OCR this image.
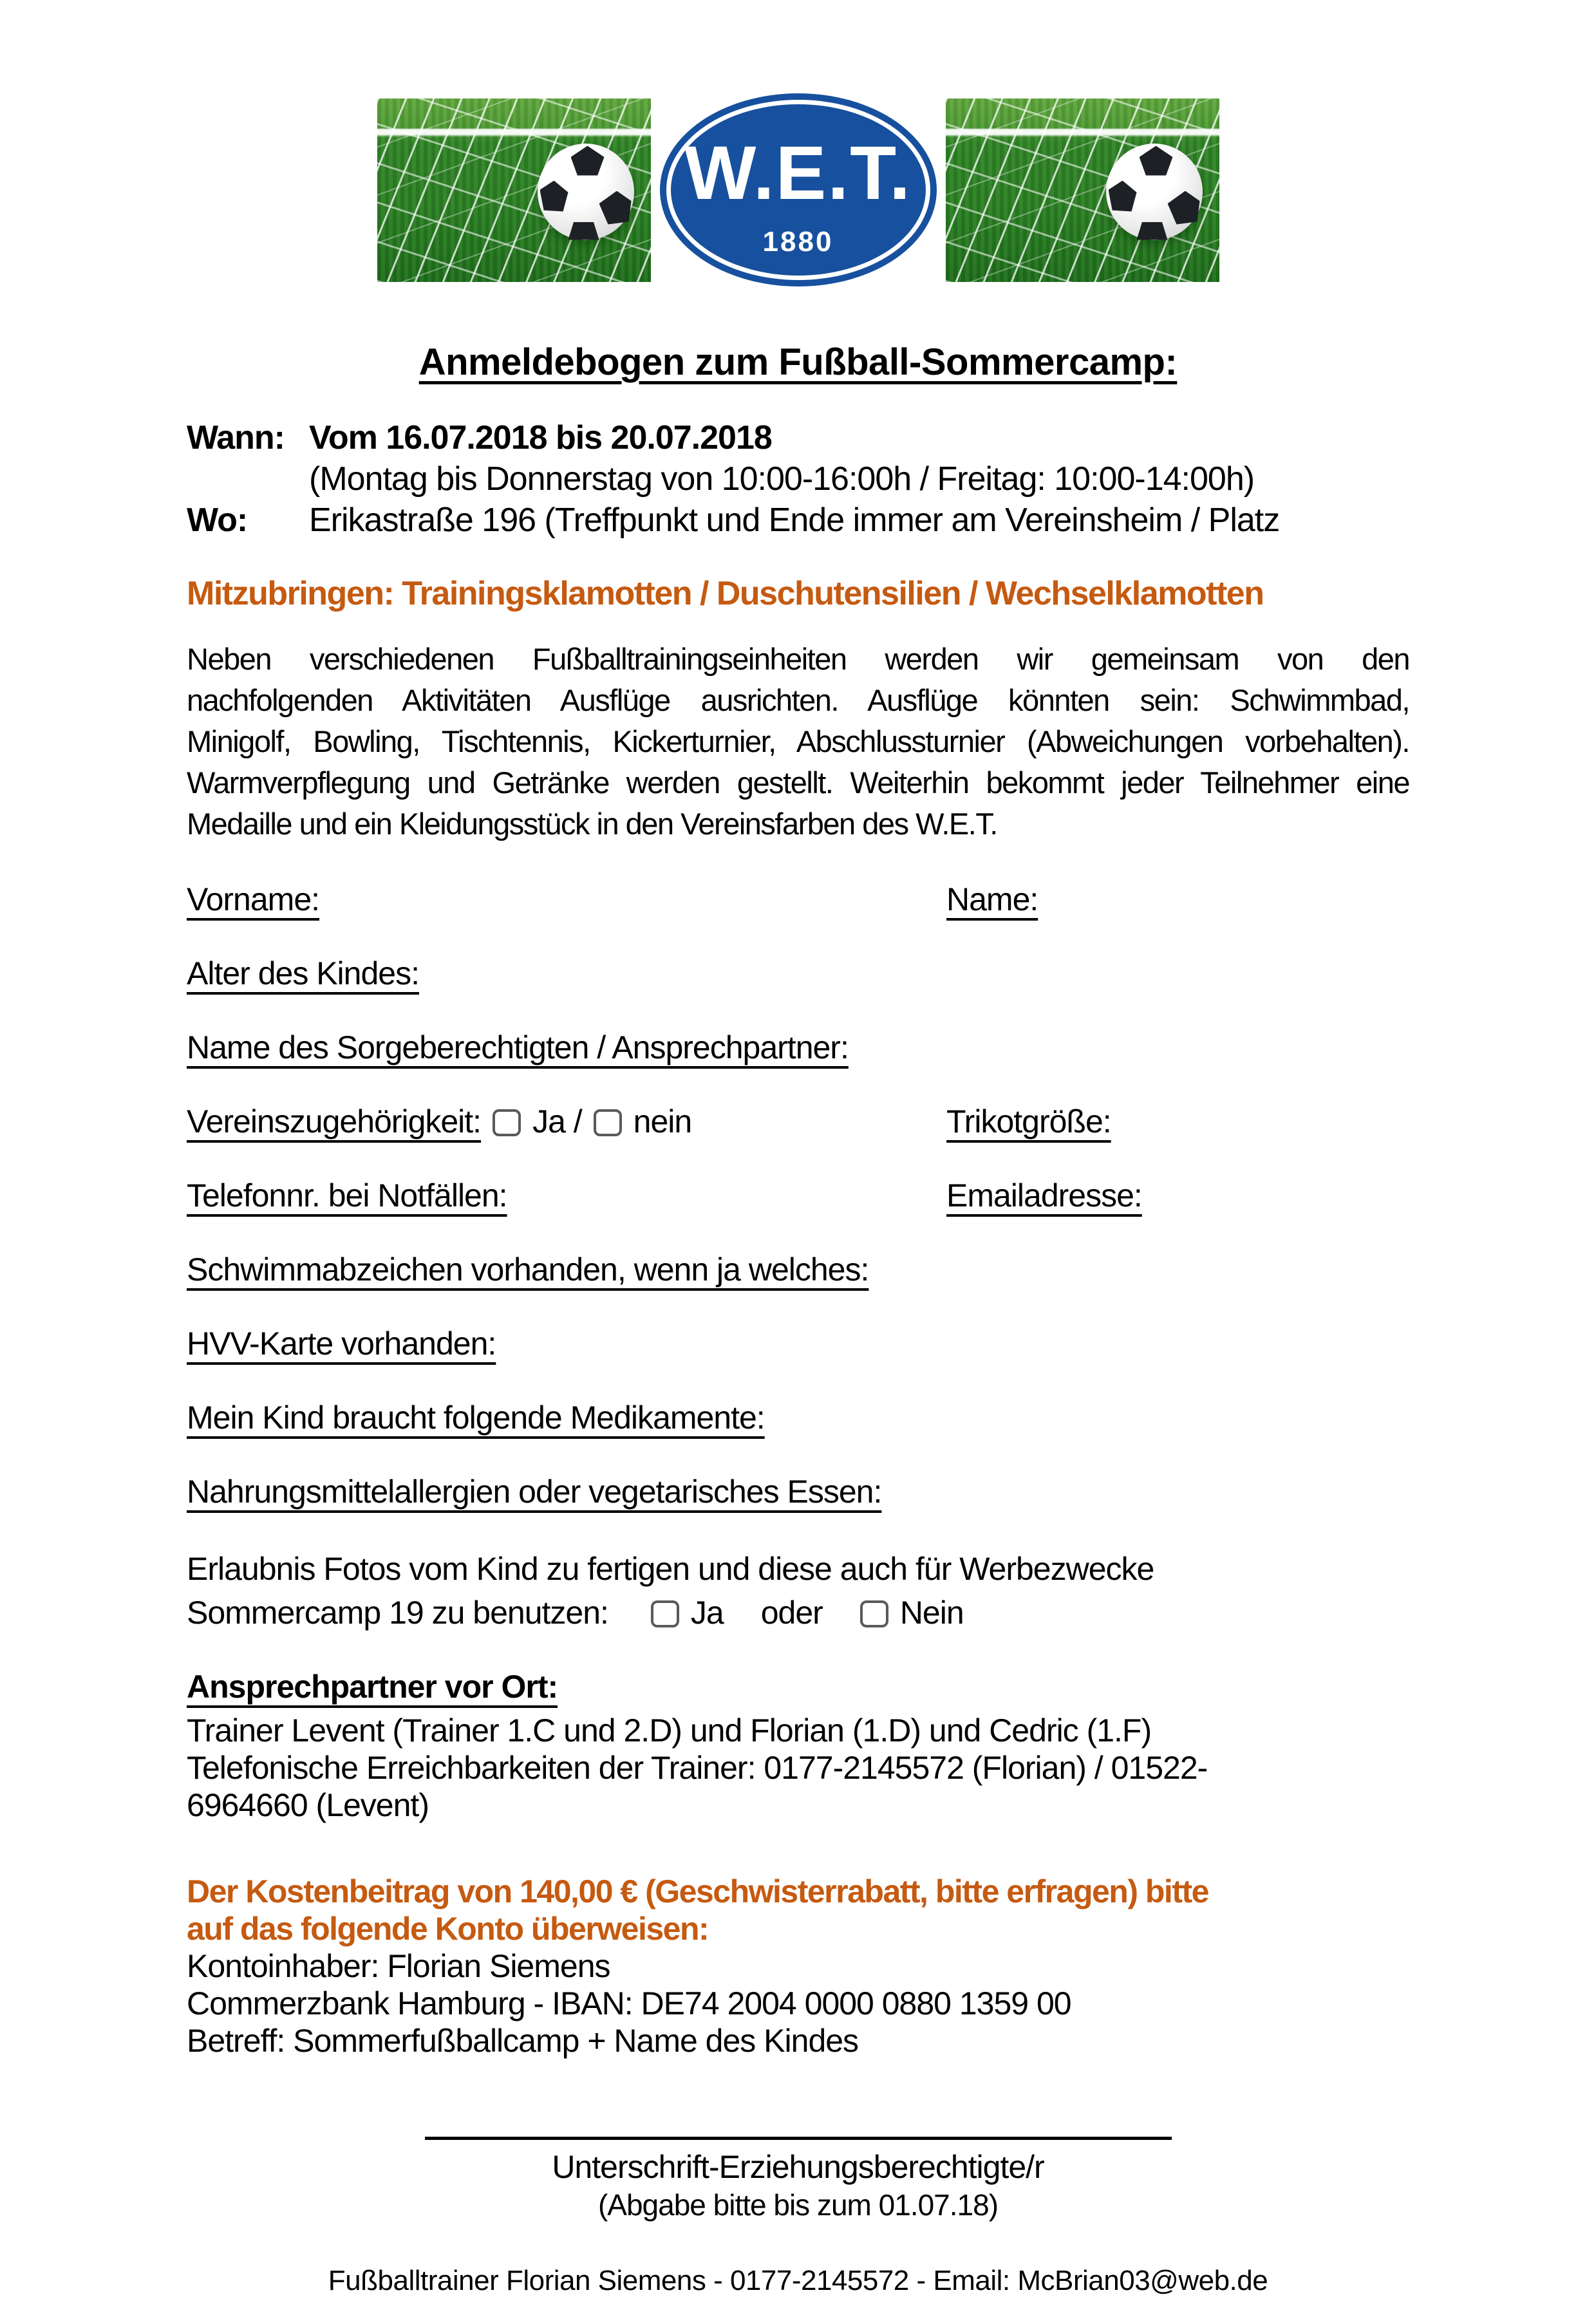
W.E.T.
1880
Anmeldebogen zum Fußball-Sommercamp:
Wann: Vom 16.07.2018 bis 20.07.2018
(Montag bis Donnerstag von 10:00-16:00h / Freitag: 10:00-14:00h)
Wo:	Erikastraße 196 (Treffpunkt und Ende immer am Vereinsheim / Platz
Mitzubringen: Trainingsklamotten / Duschutensilien / Wechselklamotten
Neben verschiedenen Fußballtrainingseinheiten werden wir gemeinsam von den
nachfolgenden Aktivitäten Ausflüge ausrichten. Ausflüge könnten sein: Schwimmbad,
Minigolf, Bowling, Tischtennis, Kickerturnier, Abschlussturnier (Abweichungen vorbehalten).
Warmverpflegung und Getränke werden gestellt. Weiterhin bekommt jeder Teilnehmer eine
Medaille und ein Kleidungsstück in den Vereinsfarben des W.E.T.
Vorname:	Name:
Alter des Kindes:
Name des Sorgeberechtigten / Ansprechpartner:
Vereinszugehörigkeit: Ja / nein	Trikotgröße:
Telefonnr. bei Notfällen:	Emailadresse:
Schwimmabzeichen vorhanden, wenn ja welches:
HVV-Karte vorhanden:
Mein Kind braucht folgende Medikamente:
Nahrungsmittelallergien oder vegetarisches Essen:
Erlaubnis Fotos vom Kind zu fertigen und diese auch für Werbezwecke
Sommercamp 19 zu benutzen:	Ja oder Nein
Ansprechpartner vor Ort:
Trainer Levent (Trainer 1.C und 2.D) und Florian (1.D) und Cedric (1.F)
Telefonische Erreichbarkeiten der Trainer: 0177-2145572 (Florian) / 01522-
6964660 (Levent)
Der Kostenbeitrag von 140,00 € (Geschwisterrabatt, bitte erfragen) bitte
auf das folgende Konto überweisen:
Kontoinhaber: Florian Siemens
Commerzbank Hamburg - IBAN: DE74 2004 0000 0880 1359 00
Betreff: Sommerfußballcamp + Name des Kindes
Unterschrift-Erziehungsberechtigte/r
(Abgabe bitte bis zum 01.07.18)
Fußballtrainer Florian Siemens - 0177-2145572 - Email: McBrian03@web.de
